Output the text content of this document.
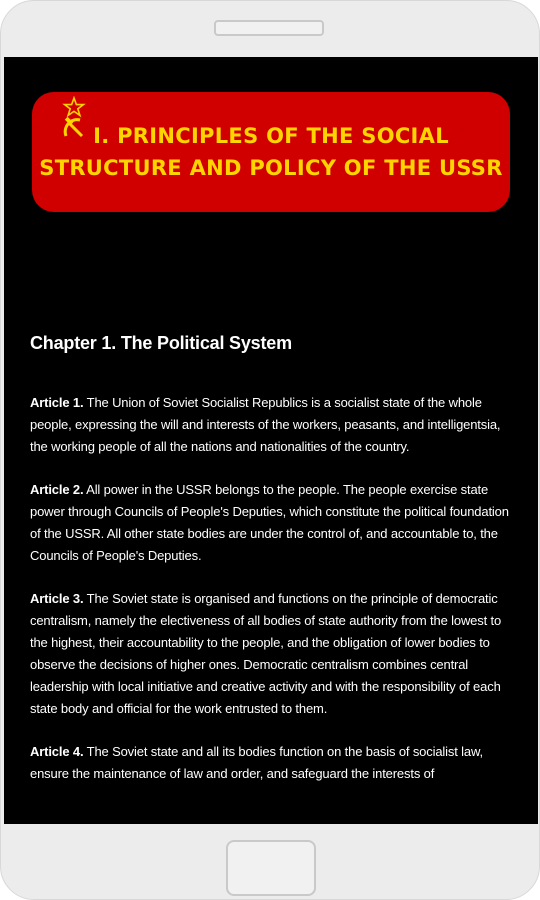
I. PRINCIPLES OF THE SOCIAL STRUCTURE AND POLICY OF THE USSR
Chapter 1. The Political System

Article 1. The Union of Soviet Socialist Republics is a socialist state of the whole people, expressing the will and interests of the workers, peasants, and intelligentsia, the working people of all the nations and nationalities of the country.

Article 2. All power in the USSR belongs to the people. The people exercise state power through Councils of People's Deputies, which constitute the political foundation of the USSR. All other state bodies are under the control of, and accountable to, the Councils of People's Deputies.

Article 3. The Soviet state is organised and functions on the principle of democratic centralism, namely the electiveness of all bodies of state authority from the lowest to the highest, their accountability to the people, and the obligation of lower bodies to observe the decisions of higher ones. Democratic centralism combines central leadership with local initiative and creative activity and with the responsibility of each state body and official for the work entrusted to them.

Article 4. The Soviet state and all its bodies function on the basis of socialist law, ensure the maintenance of law and order, and safeguard the interests of
